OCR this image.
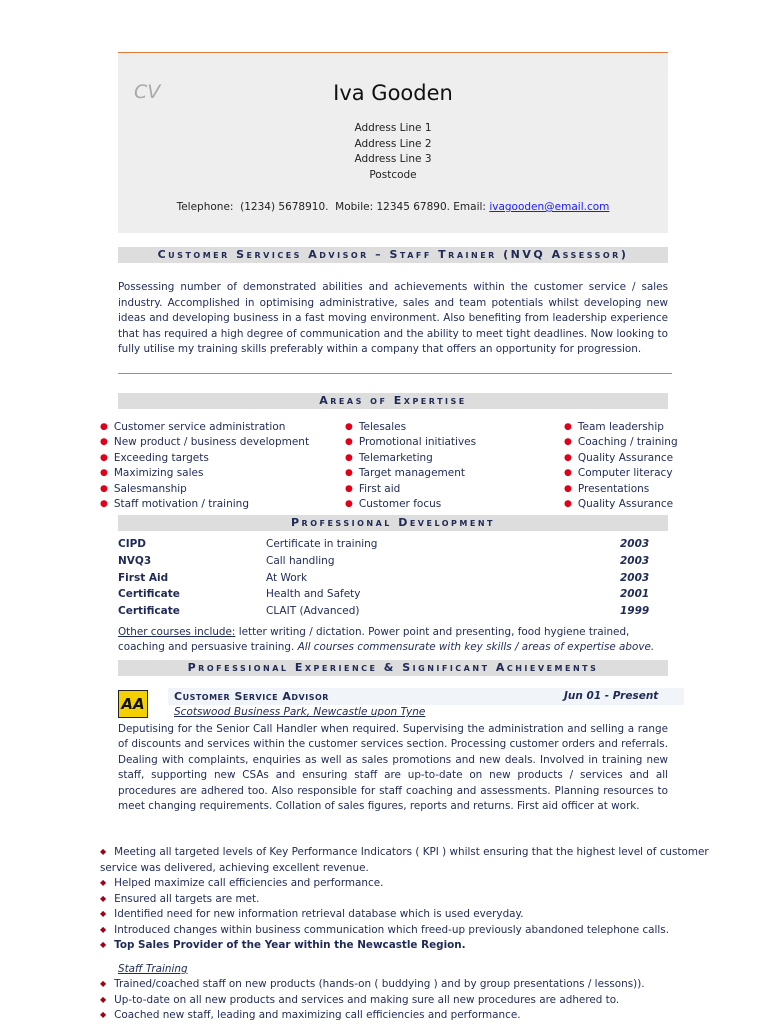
CV	Iva Gooden
Address Line 1
Address Line 2
Address Line 3
Postcode
Telephone:  (1234) 5678910.  Mobile: 12345 67890. Email: ivagooden@email.com
Customer Services Advisor – Staff Trainer (NVQ Assessor)
Possessing number of demonstrated abilities and achievements within the customer service / sales industry. Accomplished in optimising administrative, sales and team potentials whilst developing new ideas and developing business in a fast moving environment. Also benefiting from leadership experience that has required a high degree of communication and the ability to meet tight deadlines. Now looking to fully utilise my training skills preferably within a company that offers an opportunity for progression.
Areas of Expertise
● Customer service administration
● New product / business development
● Exceeding targets
● Maximizing sales
● Salesmanship
● Staff motivation / training
● Telesales
● Promotional initiatives
● Telemarketing
● Target management
● First aid
● Customer focus
● Team leadership
● Coaching / training
● Quality Assurance
● Computer literacy
● Presentations
● Quality Assurance
Professional Development
CIPD	Certificate in training	2003
NVQ3	Call handling	2003
First Aid	At Work	2003
Certificate	Health and Safety	2001
Certificate	CLAIT (Advanced)	1999
Other courses include: letter writing / dictation. Power point and presenting, food hygiene trained, coaching and persuasive training. All courses commensurate with key skills / areas of expertise above.
Professional Experience & Significant Achievements
AA	Customer Service Advisor	Jun 01 - Present
Scotswood Business Park, Newcastle upon Tyne
Deputising for the Senior Call Handler when required. Supervising the administration and selling a range of discounts and services within the customer services section. Processing customer orders and referrals. Dealing with complaints, enquiries as well as sales promotions and new deals. Involved in training new staff, supporting new CSAs and ensuring staff are up-to-date on new products / services and all procedures are adhered too. Also responsible for staff coaching and assessments. Planning resources to meet changing requirements. Collation of sales figures, reports and returns. First aid officer at work.
◆ Meeting all targeted levels of Key Performance Indicators ( KPI ) whilst ensuring that the highest level of customer
service was delivered, achieving excellent revenue.
◆ Helped maximize call efficiencies and performance.
◆ Ensured all targets are met.
◆ Identified need for new information retrieval database which is used everyday.
◆ Introduced changes within business communication which freed-up previously abandoned telephone calls.
◆ Top Sales Provider of the Year within the Newcastle Region.
Staff Training
◆ Trained/coached staff on new products (hands-on ( buddying ) and by group presentations / lessons)).
◆ Up-to-date on all new products and services and making sure all new procedures are adhered to.
◆ Coached new staff, leading and maximizing call efficiencies and performance.
